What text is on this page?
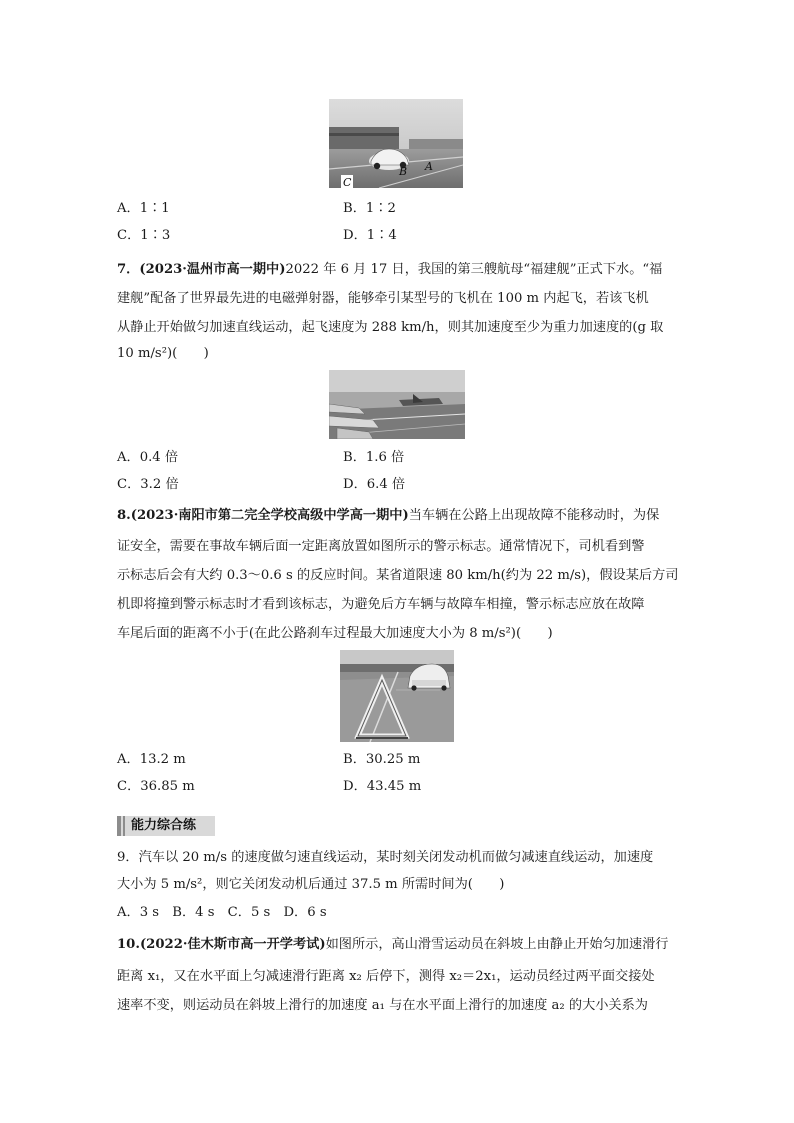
B A
C
A．1∶1	B．1∶2
C．1∶3	D．1∶4
7．(2023·温州市高一期中)2022 年 6 月 17 日，我国的第三艘航母“福建舰”正式下水。“福
建舰”配备了世界最先进的电磁弹射器，能够牵引某型号的飞机在 100 m 内起飞，若该飞机
从静止开始做匀加速直线运动，起飞速度为 288 km/h，则其加速度至少为重力加速度的(g 取
10 m/s²)(　　)
A．0.4 倍	B．1.6 倍
C．3.2 倍	D．6.4 倍
8.(2023·南阳市第二完全学校高级中学高一期中)当车辆在公路上出现故障不能移动时，为保
证安全，需要在事故车辆后面一定距离放置如图所示的警示标志。通常情况下，司机看到警
示标志后会有大约 0.3～0.6 s 的反应时间。某省道限速 80 km/h(约为 22 m/s)，假设某后方司
机即将撞到警示标志时才看到该标志，为避免后方车辆与故障车相撞，警示标志应放在故障
车尾后面的距离不小于(在此公路刹车过程最大加速度大小为 8 m/s²)(　　)
A．13.2 m	B．30.25 m
C．36.85 m	D．43.45 m
能力综合练
9．汽车以 20 m/s 的速度做匀速直线运动，某时刻关闭发动机而做匀减速直线运动，加速度
大小为 5 m/s²，则它关闭发动机后通过 37.5 m 所需时间为(　　)
A．3 s　B．4 s　C．5 s　D．6 s
10.(2022·佳木斯市高一开学考试)如图所示，高山滑雪运动员在斜坡上由静止开始匀加速滑行
距离 x₁，又在水平面上匀减速滑行距离 x₂ 后停下，测得 x₂＝2x₁，运动员经过两平面交接处
速率不变，则运动员在斜坡上滑行的加速度 a₁ 与在水平面上滑行的加速度 a₂ 的大小关系为
